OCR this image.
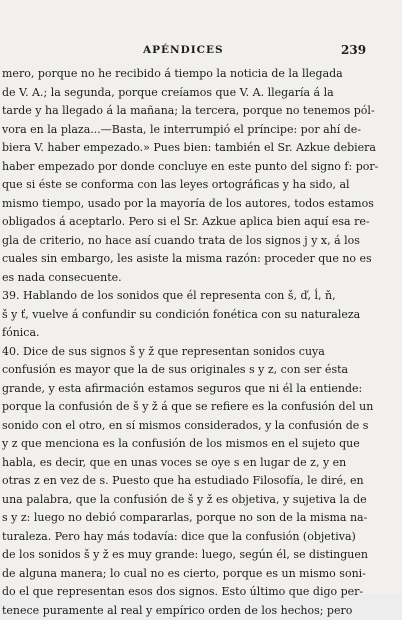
APÉNDICES	239
mero, porque no he recibido á tiempo la noticia de la llegada
de V. A.; la segunda, porque creíamos que V. A. llegaría á la
tarde y ha llegado á la mañana; la tercera, porque no tenemos pól-
vora en la plaza...—Basta, le interrumpió el príncipe: por ahí de-
biera V. haber empezado.» Pues bien: también el Sr. Azkue debiera
haber empezado por donde concluye en este punto del signo f: por-
que si éste se conforma con las leyes ortográficas y ha sido, al
mismo tiempo, usado por la mayoría de los autores, todos estamos
obligados á aceptarlo. Pero si el Sr. Azkue aplica bien aquí esa re-
gla de criterio, no hace así cuando trata de los signos j y x, á los
cuales sin embargo, les asiste la misma razón: proceder que no es
es nada consecuente.
39. Hablando de los sonidos que él representa con š, ď, ĺ, ň,
š y ť, vuelve á confundir su condición fonética con su naturaleza
fónica.
40. Dice de sus signos š y ž que representan sonidos cuya
confusión es mayor que la de sus originales s y z, con ser ésta
grande, y esta afirmación estamos seguros que ni él la entiende:
porque la confusión de š y ž á que se refiere es la confusión del un
sonido con el otro, en sí mismos considerados, y la confusión de s
y z que menciona es la confusión de los mismos en el sujeto que
habla, es decir, que en unas voces se oye s en lugar de z, y en
otras z en vez de s. Puesto que ha estudiado Filosofía, le diré, en
una palabra, que la confusión de š y ž es objetiva, y sujetiva la de
s y z: luego no debió compararlas, porque no son de la misma na-
turaleza. Pero hay más todavía: dice que la confusión (objetiva)
de los sonidos š y ž es muy grande: luego, según él, se distinguen
de alguna manera; lo cual no es cierto, porque es un mismo soni-
do el que representan esos dos signos. Esto último que digo per-
tenece puramente al real y empírico orden de los hechos; pero
